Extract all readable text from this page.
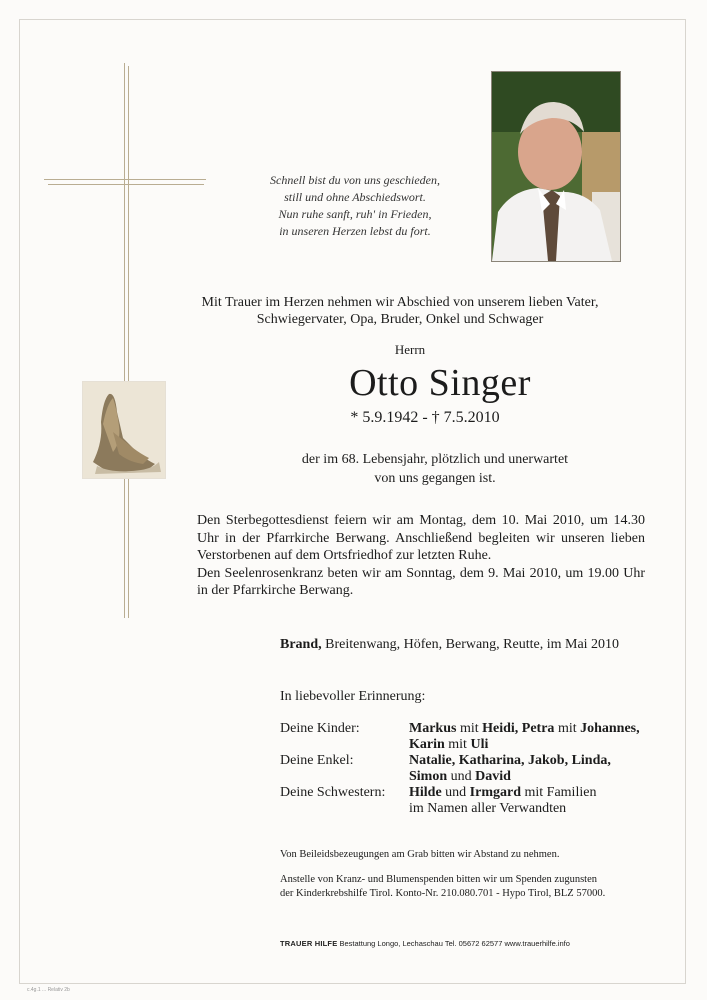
Schnell bist du von uns geschieden,
still und ohne Abschiedswort.
Nun ruhe sanft, ruh' in Frieden,
in unseren Herzen lebst du fort.
Mit Trauer im Herzen nehmen wir Abschied von unserem lieben Vater,
Schwiegervater, Opa, Bruder, Onkel und Schwager
Herrn
Otto Singer
* 5.9.1942 - † 7.5.2010
der im 68. Lebensjahr, plötzlich und unerwartet
von uns gegangen ist.

Den Sterbegottesdienst feiern wir am Montag, dem 10. Mai 2010, um 14.30 Uhr in der Pfarrkirche Berwang. Anschließend begleiten wir unseren lieben Verstorbenen auf dem Ortsfriedhof zur letzten Ruhe.

Den Seelenrosenkranz beten wir am Sonntag, dem 9. Mai 2010, um 19.00 Uhr in der Pfarrkirche Berwang.

Brand, Breitenwang, Höfen, Berwang, Reutte, im Mai 2010
In liebevoller Erinnerung:
Deine Kinder:	Markus mit Heidi, Petra mit Johannes,
Karin mit Uli
Deine Enkel:	Natalie, Katharina, Jakob, Linda,
Simon und David
Deine Schwestern: Hilde und Irmgard mit Familien
im Namen aller Verwandten
Von Beileidsbezeugungen am Grab bitten wir Abstand zu nehmen.
Anstelle von Kranz- und Blumenspenden bitten wir um Spenden zugunsten
der Kinderkrebshilfe Tirol. Konto-Nr. 210.080.701 - Hypo Tirol, BLZ 57000.
TRAUER HILFE Bestattung Longo, Lechaschau Tel. 05672 62577 www.trauerhilfe.info
c.4g.1 ... Relativ 2b
